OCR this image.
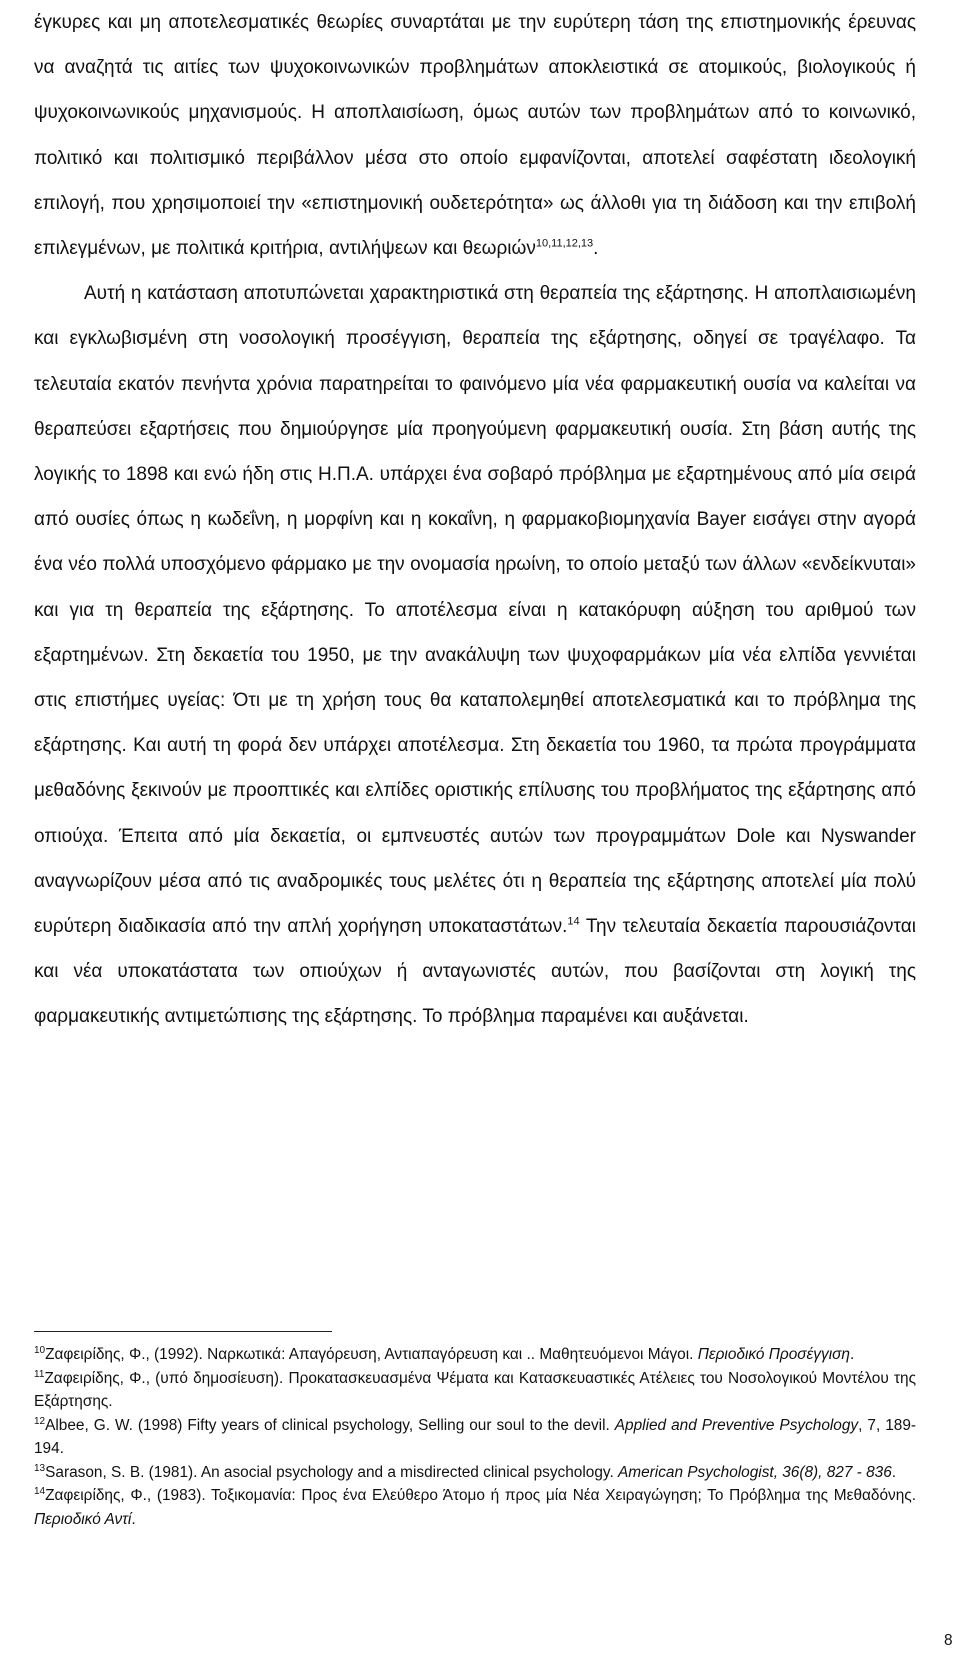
έγκυρες και μη αποτελεσματικές θεωρίες συναρτάται με την ευρύτερη τάση της επιστημονικής έρευνας να αναζητά τις αιτίες των ψυχοκοινωνικών προβλημάτων αποκλειστικά σε ατομικούς, βιολογικούς ή ψυχοκοινωνικούς μηχανισμούς. Η αποπλαισίωση, όμως αυτών των προβλημάτων από το κοινωνικό, πολιτικό και πολιτισμικό περιβάλλον μέσα στο οποίο εμφανίζονται, αποτελεί σαφέστατη ιδεολογική επιλογή, που χρησιμοποιεί την «επιστημονική ουδετερότητα» ως άλλοθι για τη διάδοση και την επιβολή επιλεγμένων, με πολιτικά κριτήρια, αντιλήψεων και θεωριών$^{10,11,12,13}$.

Αυτή η κατάσταση αποτυπώνεται χαρακτηριστικά στη θεραπεία της εξάρτησης. Η αποπλαισιωμένη και εγκλωβισμένη στη νοσολογική προσέγγιση, θεραπεία της εξάρτησης, οδηγεί σε τραγέλαφο. Τα τελευταία εκατόν πενήντα χρόνια παρατηρείται το φαινόμενο μία νέα φαρμακευτική ουσία να καλείται να θεραπεύσει εξαρτήσεις που δημιούργησε μία προηγούμενη φαρμακευτική ουσία. Στη βάση αυτής της λογικής το 1898 και ενώ ήδη στις Η.Π.Α. υπάρχει ένα σοβαρό πρόβλημα με εξαρτημένους από μία σειρά από ουσίες όπως η κωδεΐνη, η μορφίνη και η κοκαΐνη, η φαρμακοβιομηχανία Bayer εισάγει στην αγορά ένα νέο πολλά υποσχόμενο φάρμακο με την ονομασία ηρωίνη, το οποίο μεταξύ των άλλων «ενδείκνυται» και για τη θεραπεία της εξάρτησης. Το αποτέλεσμα είναι η κατακόρυφη αύξηση του αριθμού των εξαρτημένων. Στη δεκαετία του 1950, με την ανακάλυψη των ψυχοφαρμάκων μία νέα ελπίδα γεννιέται στις επιστήμες υγείας: Ότι με τη χρήση τους θα καταπολεμηθεί αποτελεσματικά και το πρόβλημα της εξάρτησης. Και αυτή τη φορά δεν υπάρχει αποτέλεσμα. Στη δεκαετία του 1960, τα πρώτα προγράμματα μεθαδόνης ξεκινούν με προοπτικές και ελπίδες οριστικής επίλυσης του προβλήματος της εξάρτησης από οπιούχα. Έπειτα από μία δεκαετία, οι εμπνευστές αυτών των προγραμμάτων Dole και Nyswander αναγνωρίζουν μέσα από τις αναδρομικές τους μελέτες ότι η θεραπεία της εξάρτησης αποτελεί μία πολύ ευρύτερη διαδικασία από την απλή χορήγηση υποκαταστάτων.$^{14}$ Την τελευταία δεκαετία παρουσιάζονται και νέα υποκατάστατα των οπιούχων ή ανταγωνιστές αυτών, που βασίζονται στη λογική της φαρμακευτικής αντιμετώπισης της εξάρτησης. Το πρόβλημα παραμένει και αυξάνεται.

$^{10}$Ζαφειρίδης, Φ., (1992). Ναρκωτικά: Απαγόρευση, Αντιαπαγόρευση και .. Μαθητευόμενοι Μάγοι. Περιοδικό Προσέγγιση.

$^{11}$Ζαφειρίδης, Φ., (υπό δημοσίευση). Προκατασκευασμένα Ψέματα και Κατασκευαστικές Ατέλειες του Νοσολογικού Μοντέλου της Εξάρτησης.

$^{12}$Albee, G. W. (1998) Fifty years of clinical psychology, Selling our soul to the devil. Applied and Preventive Psychology, 7, 189-194.

$^{13}$Sarason, S. B. (1981). An asocial psychology and a misdirected clinical psychology. American Psychologist, 36(8), 827 - 836.

$^{14}$Ζαφειρίδης, Φ., (1983). Τοξικομανία: Προς ένα Ελεύθερο Άτομο ή προς μία Νέα Χειραγώγηση; Το Πρόβλημα της Μεθαδόνης. Περιοδικό Αντί.

8
